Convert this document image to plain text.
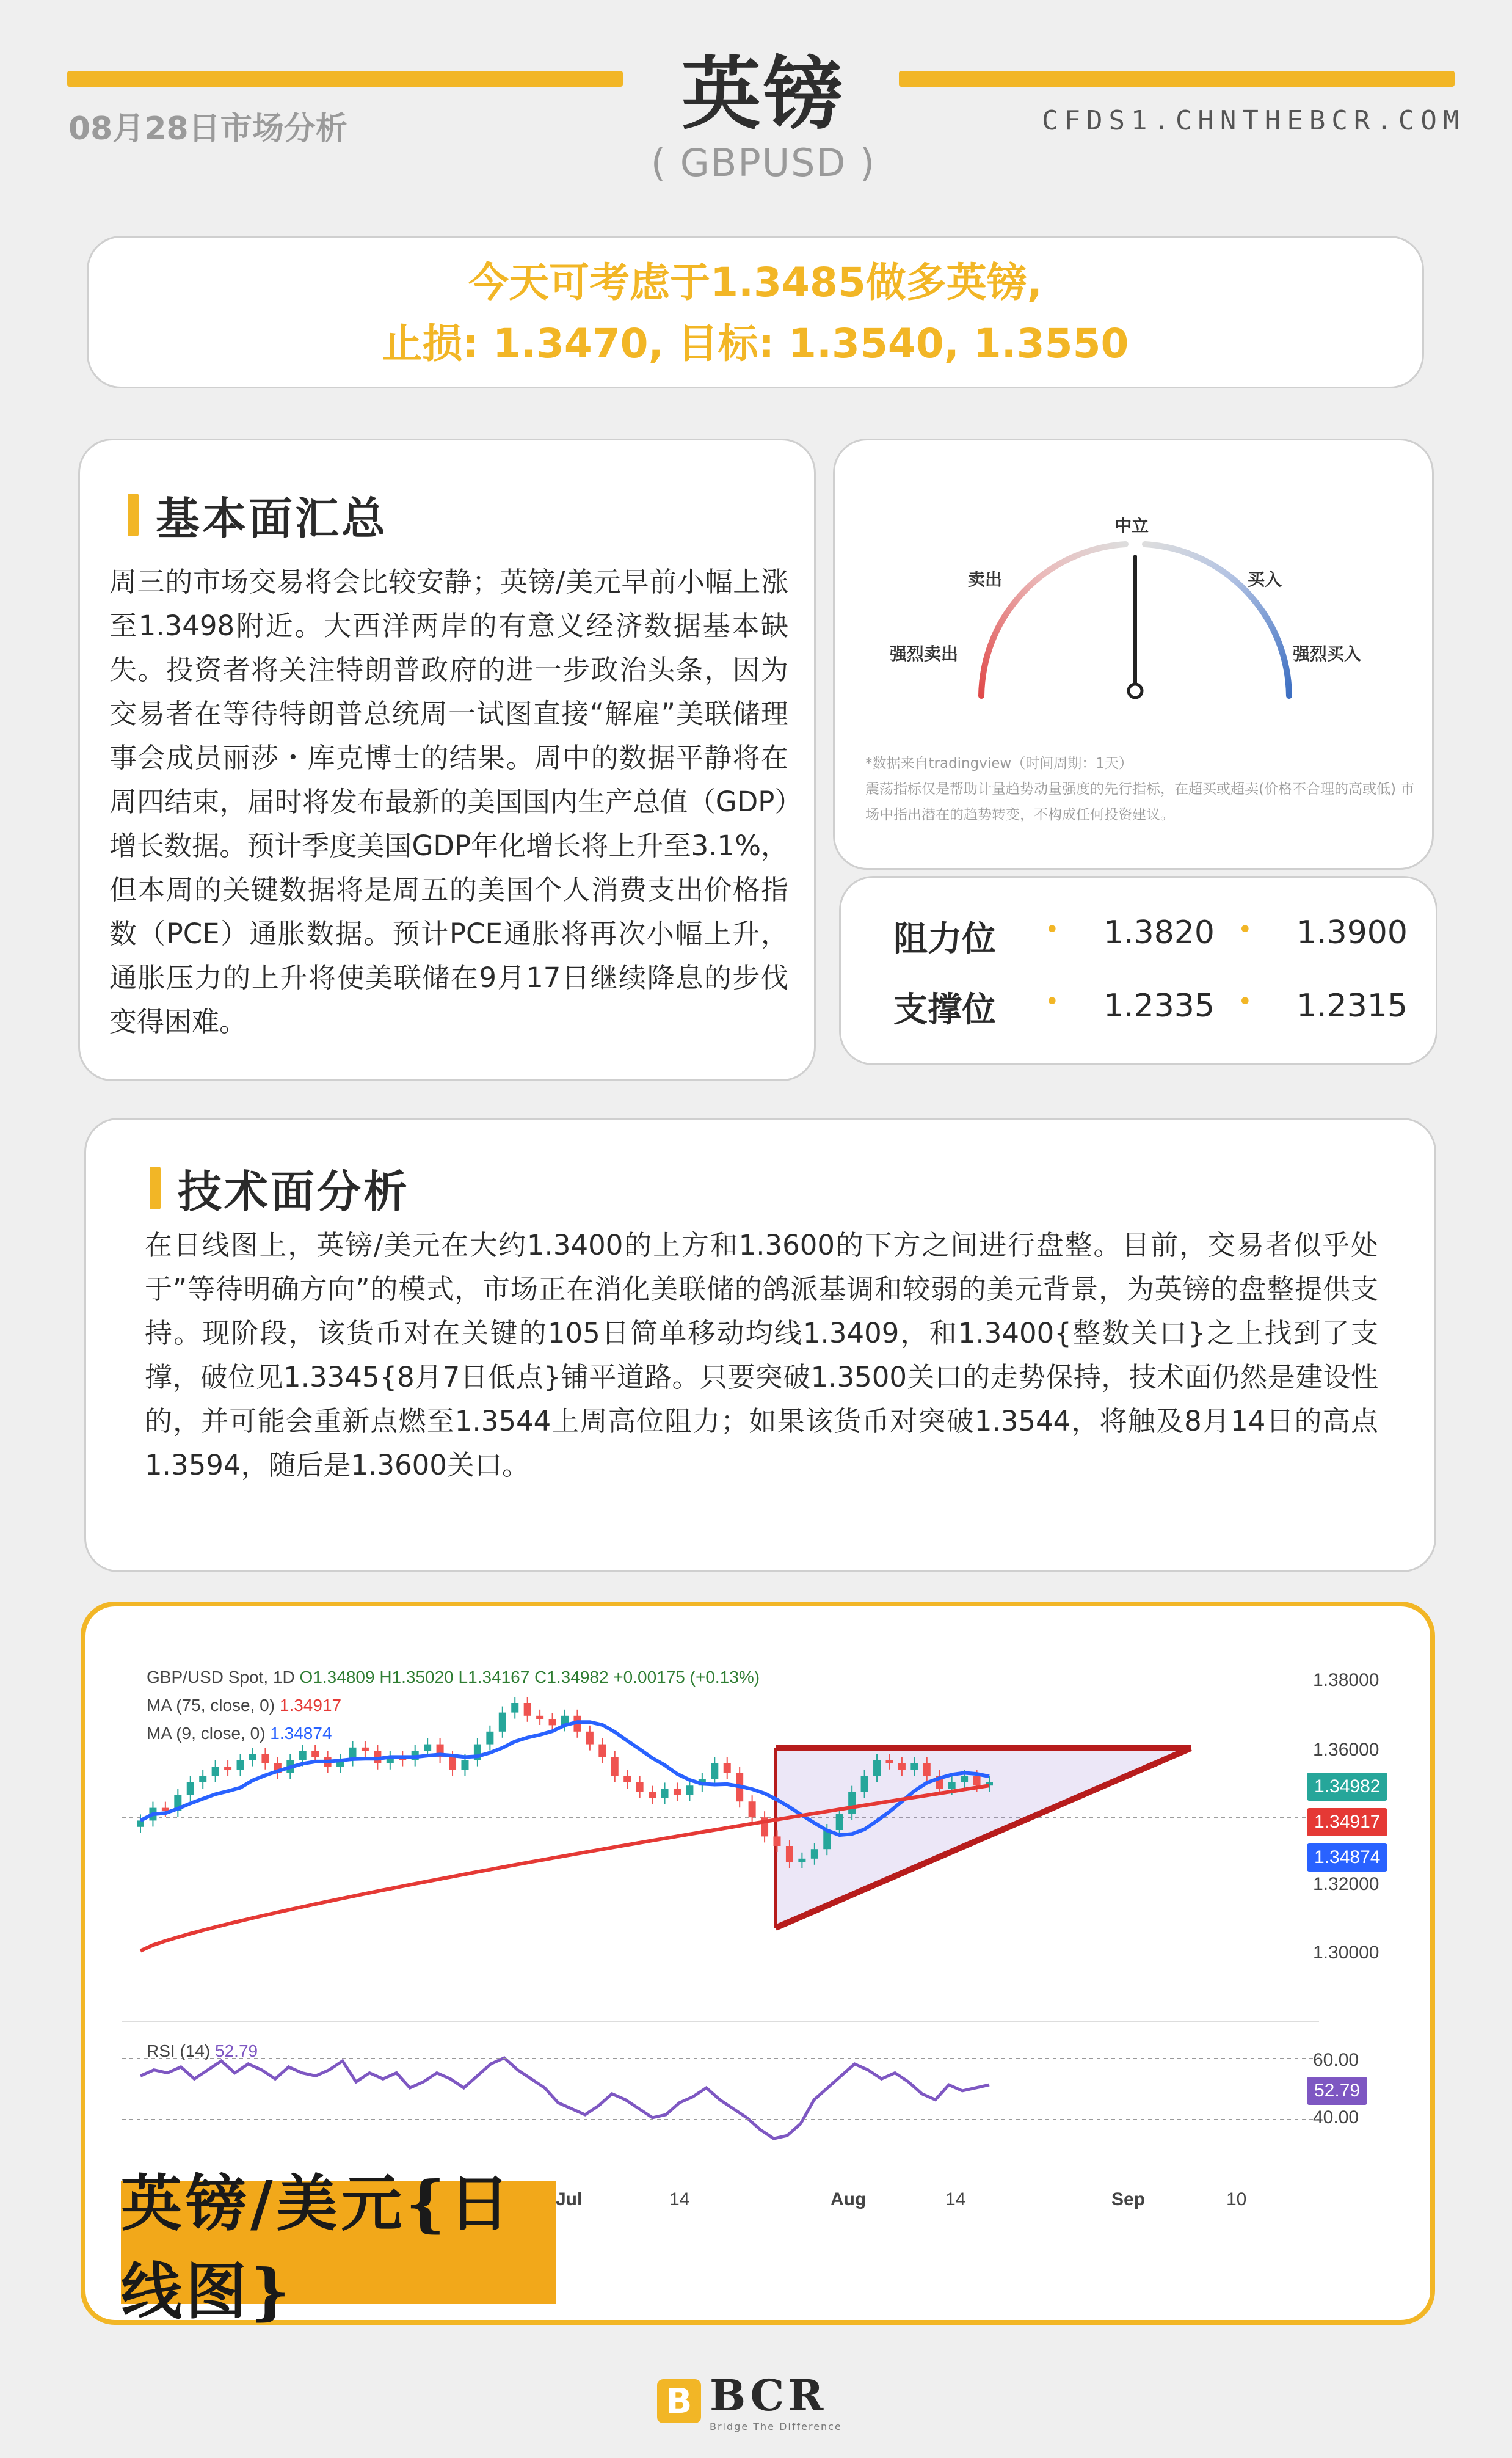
英镑
( GBPUSD )
08月28日市场分析	CFDS1.CHNTHEBCR.COM
今天可考虑于1.3485做多英镑,
止损: 1.3470, 目标: 1.3540, 1.3550
基本面汇总
周三的市场交易将会比较安静；英镑/美元早前小幅上涨至1.3498附近。大西洋两岸的有意义经济数据基本缺失。投资者将关注特朗普政府的进一步政治头条，因为交易者在等待特朗普总统周一试图直接“解雇”美联储理事会成员丽莎・库克博士的结果。周中的数据平静将在周四结束，届时将发布最新的美国国内生产总值（GDP）增长数据。预计季度美国GDP年化增长将上升至3.1%，但本周的关键数据将是周五的美国个人消费支出价格指数（PCE）通胀数据。预计PCE通胀将再次小幅上升，通胀压力的上升将使美联储在9月17日继续降息的步伐变得困难。
中立
卖出	买入
强烈卖出	强烈买入
*数据来自tradingview（时间周期：1天）
震荡指标仅是帮助计量趋势动量强度的先行指标，在超买或超卖(价格不合理的高或低) 市场中指出潜在的趋势转变，不构成任何投资建议。
阻力位 • 1.3820 • 1.3900
支撑位 • 1.2335 • 1.2315
技术面分析
在日线图上，英镑/美元在大约1.3400的上方和1.3600的下方之间进行盘整。目前，交易者似乎处于”等待明确方向”的模式，市场正在消化美联储的鸽派基调和较弱的美元背景，为英镑的盘整提供支持。现阶段，该货币对在关键的105日简单移动均线1.3409，和1.3400{整数关口}之上找到了支撑，破位见1.3345{8月7日低点}铺平道路。只要突破1.3500关口的走势保持，技术面仍然是建设性的，并可能会重新点燃至1.3544上周高位阻力；如果该货币对突破1.3544，将触及8月14日的高点1.3594，随后是1.3600关口。
GBP/USD Spot, 1D O1.34809 H1.35020 L1.34167 C1.34982 +0.00175 (+0.13%)
MA (75, close, 0) 1.34917
MA (9, close, 0) 1.34874
1.38000
1.36000
1.34982
1.34917
1.34874
1.32000
1.30000
RSI (14) 52.79	60.00
52.79
40.00
Jul	14	Aug	14	Sep	10
英镑/美元{日线图}
B BCR
Bridge The Difference
